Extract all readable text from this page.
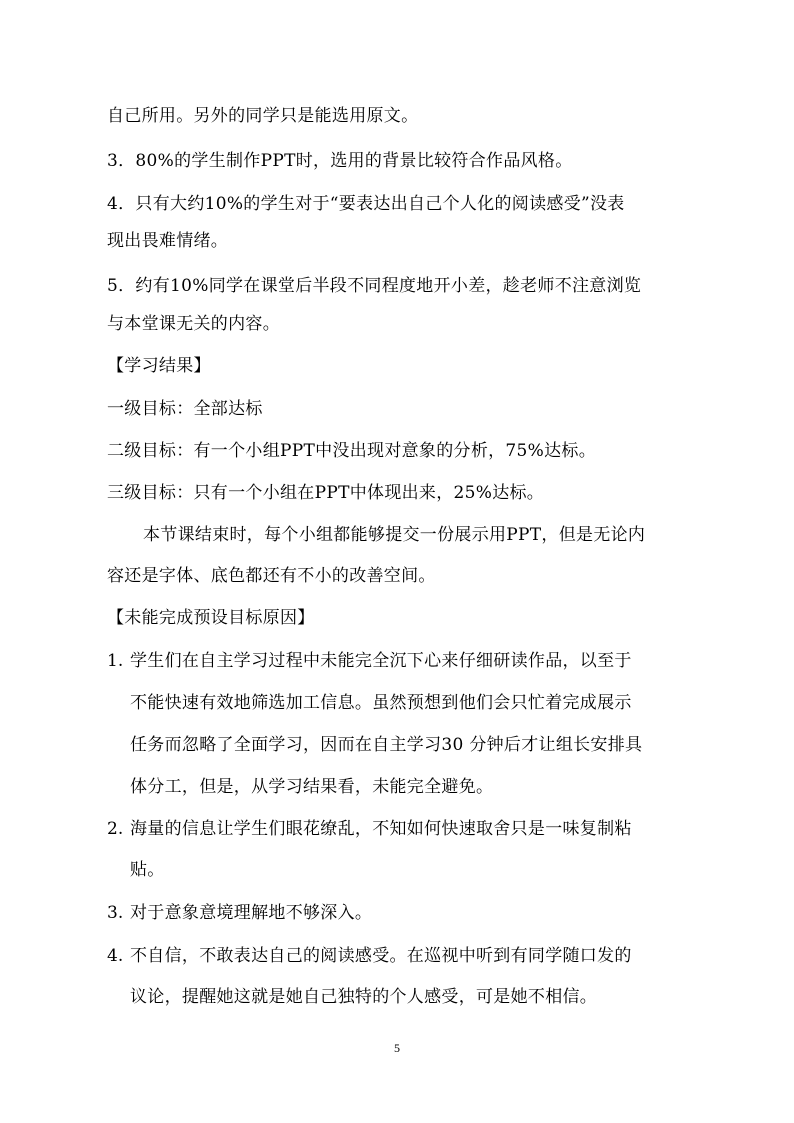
自己所用。另外的同学只是能选用原文。
3．80%的学生制作PPT时，选用的背景比较符合作品风格。
4．只有大约10%的学生对于“要表达出自己个人化的阅读感受”没表
现出畏难情绪。
5．约有10%同学在课堂后半段不同程度地开小差，趁老师不注意浏览
与本堂课无关的内容。
【学习结果】
一级目标：全部达标
二级目标：有一个小组PPT中没出现对意象的分析，75%达标。
三级目标：只有一个小组在PPT中体现出来，25%达标。
本节课结束时，每个小组都能够提交一份展示用PPT，但是无论内
容还是字体、底色都还有不小的改善空间。
【未能完成预设目标原因】
1. 学生们在自主学习过程中未能完全沉下心来仔细研读作品，以至于
不能快速有效地筛选加工信息。虽然预想到他们会只忙着完成展示
任务而忽略了全面学习，因而在自主学习30 分钟后才让组长安排具
体分工，但是，从学习结果看，未能完全避免。
2. 海量的信息让学生们眼花缭乱，不知如何快速取舍只是一味复制粘
贴。
3. 对于意象意境理解地不够深入。
4. 不自信，不敢表达自己的阅读感受。在巡视中听到有同学随口发的
议论，提醒她这就是她自己独特的个人感受，可是她不相信。
5
